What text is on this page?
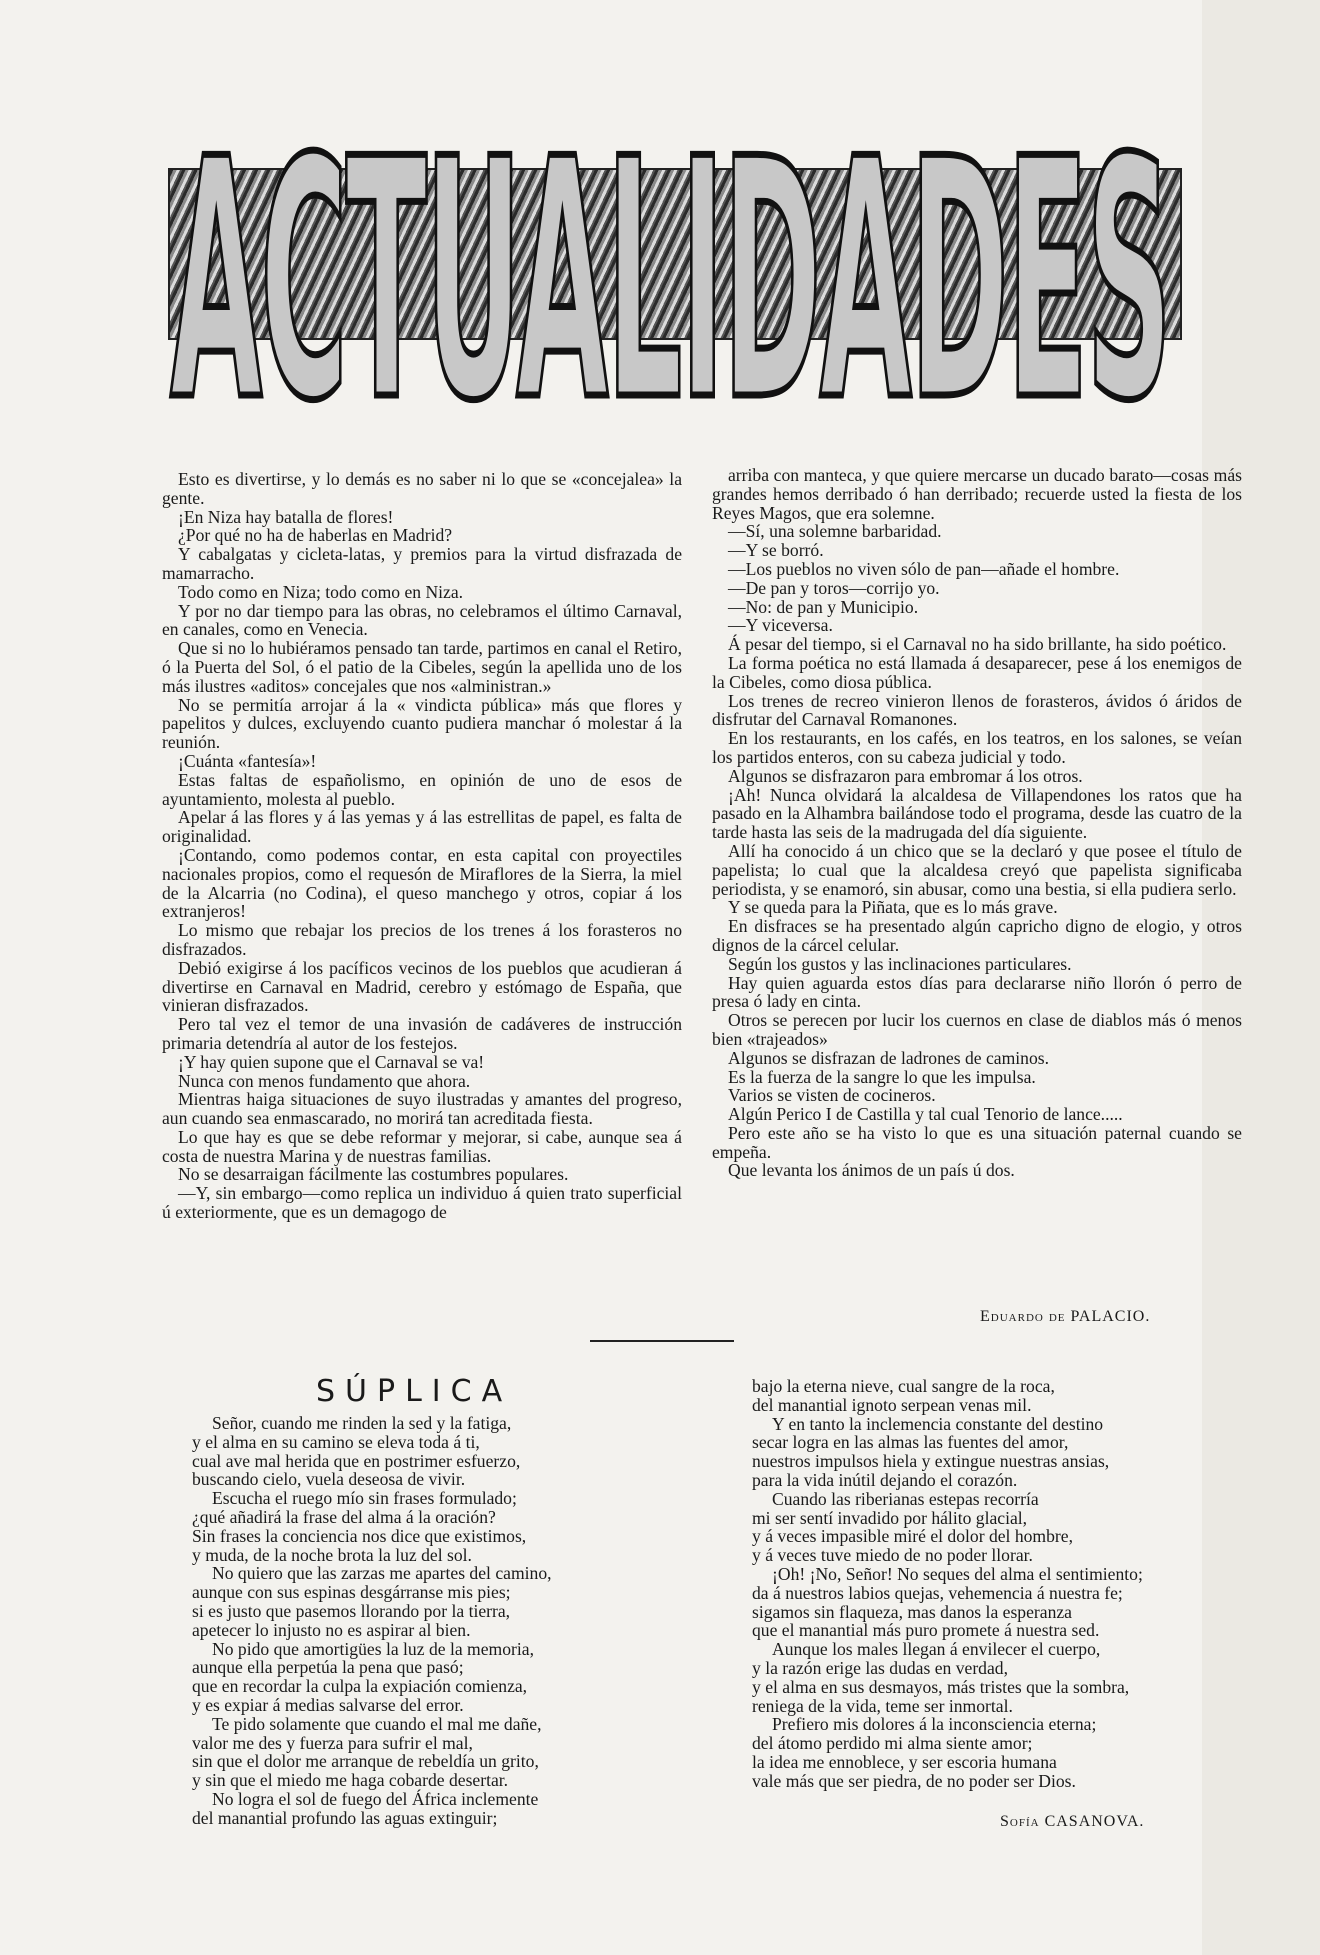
ACTUALIDADES

Esto es divertirse, y lo demás es no saber ni lo que se «concejalea» la gente.

¡En Niza hay batalla de flores!

¿Por qué no ha de haberlas en Madrid?

Y cabalgatas y cicleta-latas, y premios para la virtud disfrazada de mamarracho.

Todo como en Niza; todo como en Niza.

Y por no dar tiempo para las obras, no celebramos el último Carnaval, en canales, como en Venecia.

Que si no lo hubiéramos pensado tan tarde, partimos en canal el Retiro, ó la Puerta del Sol, ó el patio de la Cibeles, según la apellida uno de los más ilustres «aditos» concejales que nos «alministran.»

No se permitía arrojar á la « vindicta pública» más que flores y papelitos y dulces, excluyendo cuanto pudiera manchar ó molestar á la reunión.

¡Cuánta «fantesía»!

Estas faltas de españolismo, en opinión de uno de esos de ayuntamiento, molesta al pueblo.

Apelar á las flores y á las yemas y á las estrellitas de papel, es falta de originalidad.

¡Contando, como podemos contar, en esta capital con proyectiles nacionales propios, como el requesón de Miraflores de la Sierra, la miel de la Alcarria (no Codina), el queso manchego y otros, copiar á los extranjeros!

Lo mismo que rebajar los precios de los trenes á los forasteros no disfrazados.

Debió exigirse á los pacíficos vecinos de los pueblos que acudieran á divertirse en Carnaval en Madrid, cerebro y estómago de España, que vinieran disfrazados.

Pero tal vez el temor de una invasión de cadáveres de instrucción primaria detendría al autor de los festejos.

¡Y hay quien supone que el Carnaval se va!

Nunca con menos fundamento que ahora.

Mientras haiga situaciones de suyo ilustradas y amantes del progreso, aun cuando sea enmascarado, no morirá tan acreditada fiesta.

Lo que hay es que se debe reformar y mejorar, si cabe, aunque sea á costa de nuestra Marina y de nuestras familias.

No se desarraigan fácilmente las costumbres populares.

—Y, sin embargo—como replica un individuo á quien trato superficial ú exteriormente, que es un demagogo de

arriba con manteca, y que quiere mercarse un ducado barato—cosas más grandes hemos derribado ó han derribado; recuerde usted la fiesta de los Reyes Magos, que era solemne.

—Sí, una solemne barbaridad.

—Y se borró.

—Los pueblos no viven sólo de pan—añade el hombre.

—De pan y toros—corrijo yo.

—No: de pan y Municipio.

—Y viceversa.

Á pesar del tiempo, si el Carnaval no ha sido brillante, ha sido poético.

La forma poética no está llamada á desaparecer, pese á los enemigos de la Cibeles, como diosa pública.

Los trenes de recreo vinieron llenos de forasteros, ávidos ó áridos de disfrutar del Carnaval Romanones.

En los restaurants, en los cafés, en los teatros, en los salones, se veían los partidos enteros, con su cabeza judicial y todo.

Algunos se disfrazaron para embromar á los otros.

¡Ah! Nunca olvidará la alcaldesa de Villapendones los ratos que ha pasado en la Alhambra bailándose todo el programa, desde las cuatro de la tarde hasta las seis de la madrugada del día siguiente.

Allí ha conocido á un chico que se la declaró y que posee el título de papelista; lo cual que la alcaldesa creyó que papelista significaba periodista, y se enamoró, sin abusar, como una bestia, si ella pudiera serlo.

Y se queda para la Piñata, que es lo más grave.

En disfraces se ha presentado algún capricho digno de elogio, y otros dignos de la cárcel celular.

Según los gustos y las inclinaciones particulares.

Hay quien aguarda estos días para declararse niño llorón ó perro de presa ó lady en cinta.

Otros se perecen por lucir los cuernos en clase de diablos más ó menos bien «trajeados»

Algunos se disfrazan de ladrones de caminos.

Es la fuerza de la sangre lo que les impulsa.

Varios se visten de cocineros.

Algún Perico I de Castilla y tal cual Tenorio de lance.....

Pero este año se ha visto lo que es una situación paternal cuando se empeña.

Que levanta los ánimos de un país ú dos.

Eduardo de PALACIO.
SÚPLICA
Señor, cuando me rinden la sed y la fatiga,
y el alma en su camino se eleva toda á ti,
cual ave mal herida que en postrimer esfuerzo,
buscando cielo, vuela deseosa de vivir.
Escucha el ruego mío sin frases formulado;
¿qué añadirá la frase del alma á la oración?
Sin frases la conciencia nos dice que existimos,
y muda, de la noche brota la luz del sol.
No quiero que las zarzas me apartes del camino,
aunque con sus espinas desgárranse mis pies;
si es justo que pasemos llorando por la tierra,
apetecer lo injusto no es aspirar al bien.
No pido que amortigües la luz de la memoria,
aunque ella perpetúa la pena que pasó;
que en recordar la culpa la expiación comienza,
y es expiar á medias salvarse del error.
Te pido solamente que cuando el mal me dañe,
valor me des y fuerza para sufrir el mal,
sin que el dolor me arranque de rebeldía un grito,
y sin que el miedo me haga cobarde desertar.
No logra el sol de fuego del África inclemente
del manantial profundo las aguas extinguir;
bajo la eterna nieve, cual sangre de la roca,
del manantial ignoto serpean venas mil.
Y en tanto la inclemencia constante del destino
secar logra en las almas las fuentes del amor,
nuestros impulsos hiela y extingue nuestras ansias,
para la vida inútil dejando el corazón.
Cuando las riberianas estepas recorría
mi ser sentí invadido por hálito glacial,
y á veces impasible miré el dolor del hombre,
y á veces tuve miedo de no poder llorar.
¡Oh! ¡No, Señor! No seques del alma el sentimiento;
da á nuestros labios quejas, vehemencia á nuestra fe;
sigamos sin flaqueza, mas danos la esperanza
que el manantial más puro promete á nuestra sed.
Aunque los males llegan á envilecer el cuerpo,
y la razón erige las dudas en verdad,
y el alma en sus desmayos, más tristes que la sombra,
reniega de la vida, teme ser inmortal.
Prefiero mis dolores á la inconsciencia eterna;
del átomo perdido mi alma siente amor;
la idea me ennoblece, y ser escoria humana
vale más que ser piedra, de no poder ser Dios.
Sofía CASANOVA.
